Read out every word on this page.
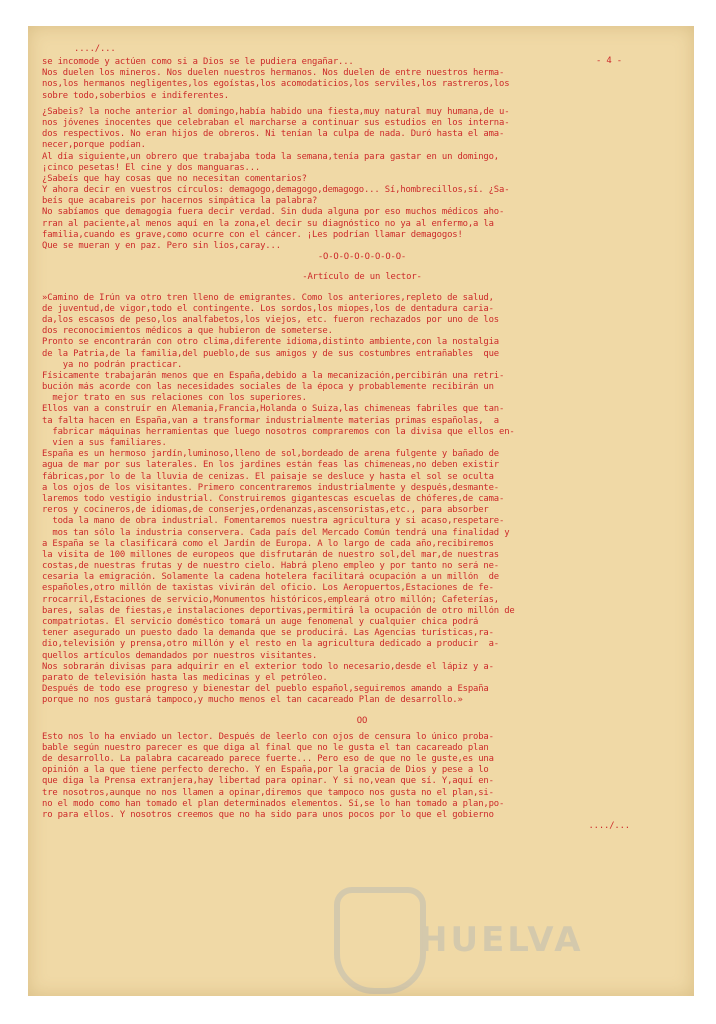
..../...
- 4 -
se incomode y actúen como si a Dios se le pudiera engañar...
Nos duelen los mineros. Nos duelen nuestros hermanos. Nos duelen de entre nuestros herma-
nos,los hermanos negligentes,los egoístas,los acomodaticios,los serviles,los rastreros,los
sobre todo,soberbios e indiferentes.
¿Sabeis? la noche anterior al domingo,había habido una fiesta,muy natural muy humana,de u-
nos jóvenes inocentes que celebraban el marcharse a continuar sus estudios en los interna-
dos respectivos. No eran hijos de obreros. Ni tenían la culpa de nada. Duró hasta el ama-
necer,porque podían.
Al día siguiente,un obrero que trabajaba toda la semana,tenía para gastar en un domingo,
¡cinco pesetas! El cine y dos manguaras...
¿Sabeís que hay cosas que no necesitan comentarios?
Y ahora decir en vuestros círculos: demagogo,demagogo,demagogo... Sí,hombrecillos,sí. ¿Sa-
beís que acabareis por hacernos simpática la palabra?
No sabíamos que demagogia fuera decir verdad. Sin duda alguna por eso muchos médicos aho-
rran al paciente,al menos aquí en la zona,el decir su diagnóstico no ya al enfermo,a la
familia,cuando es grave,como ocurre con el cáncer. ¡Les podrían llamar demagogos!
Que se mueran y en paz. Pero sin líos,caray...
-O-O-O-O-O-O-O-O-
-Artículo de un lector-
»Camino de Irún va otro tren lleno de emigrantes. Como los anteriores,repleto de salud,
de juventud,de vigor,todo el contingente. Los sordos,los miopes,los de dentadura caria-
da,los escasos de peso,los analfabetos,los viejos, etc. fueron rechazados por uno de los
dos reconocimientos médicos a que hubieron de someterse.
Pronto se encontrarán con otro clima,diferente idioma,distinto ambiente,con la nostalgia
de la Patria,de la familia,del pueblo,de sus amigos y de sus costumbres entrañables  que
ya no podrán practicar.
Físicamente trabajarán menos que en España,debido a la mecanización,percibirán una retri-
bución más acorde con las necesidades sociales de la época y probablemente recibirán un
mejor trato en sus relaciones con los superiores.
Ellos van a construír en Alemania,Francia,Holanda o Suiza,las chimeneas fabriles que tan-
ta falta hacen en España,van a transformar industrialmente materias primas españolas,  a
fabricar máquinas herramientas que luego nosotros compraremos con la divisa que ellos en-
víen a sus familiares.
España es un hermoso jardín,luminoso,lleno de sol,bordeado de arena fulgente y bañado de
agua de mar por sus laterales. En los jardines están feas las chimeneas,no deben existir
fábricas,por lo de la lluvia de cenizas. El paisaje se desluce y hasta el sol se oculta
a los ojos de los visitantes. Primero concentraremos industrialmente y después,desmante-
laremos todo vestigio industrial. Construiremos gigantescas escuelas de chóferes,de cama-
reros y cocineros,de idiomas,de conserjes,ordenanzas,ascensoristas,etc., para absorber
toda la mano de obra industrial. Fomentaremos nuestra agricultura y si acaso,respetare-
mos tan sólo la industria conservera. Cada país del Mercado Común tendrá una finalidad y
a España se la clasificará como el Jardín de Europa. A lo largo de cada año,recibiremos
la visita de 100 millones de europeos que disfrutarán de nuestro sol,del mar,de nuestras
costas,de nuestras frutas y de nuestro cielo. Habrá pleno empleo y por tanto no será ne-
cesaria la emigración. Solamente la cadena hotelera facilitará ocupación a un millón  de
españoles,otro millón de taxistas vivirán del oficio. Los Aeropuertos,Estaciones de fe-
rrocarril,Estaciones de servicio,Monumentos históricos,empleará otro millón; Cafeterías,
bares, salas de fiestas,e instalaciones deportivas,permitirá la ocupación de otro millón de
compatriotas. El servicio doméstico tomará un auge fenomenal y cualquier chica podrá
tener asegurado un puesto dado la demanda que se producirá. Las Agencias turísticas,ra-
dio,televisión y prensa,otro millón y el resto en la agricultura dedicado a producir  a-
quellos artículos demandados por nuestros visitantes.
Nos sobrarán divisas para adquirir en el exterior todo lo necesario,desde el lápiz y a-
parato de televisión hasta las medicinas y el petróleo.
Después de todo ese progreso y bienestar del pueblo español,seguiremos amando a España
porque no nos gustará tampoco,y mucho menos el tan cacareado Plan de desarrollo.»
OO
Esto nos lo ha enviado un lector. Después de leerlo con ojos de censura lo único proba-
bable según nuestro parecer es que diga al final que no le gusta el tan cacareado plan
de desarrollo. La palabra cacareado parece fuerte... Pero eso de que no le guste,es una
opinión a la que tiene perfecto derecho. Y en España,por la gracia de Dios y pese a lo
que diga la Prensa extranjera,hay libertad para opinar. Y si no,vean que sí. Y,aquí en-
tre nosotros,aunque no nos llamen a opinar,diremos que tampoco nos gusta no el plan,si-
no el modo como han tomado el plan determinados elementos. Sí,se lo han tomado a plan,po-
ro para ellos. Y nosotros creemos que no ha sido para unos pocos por lo que el gobierno
..../...
HUELVA
